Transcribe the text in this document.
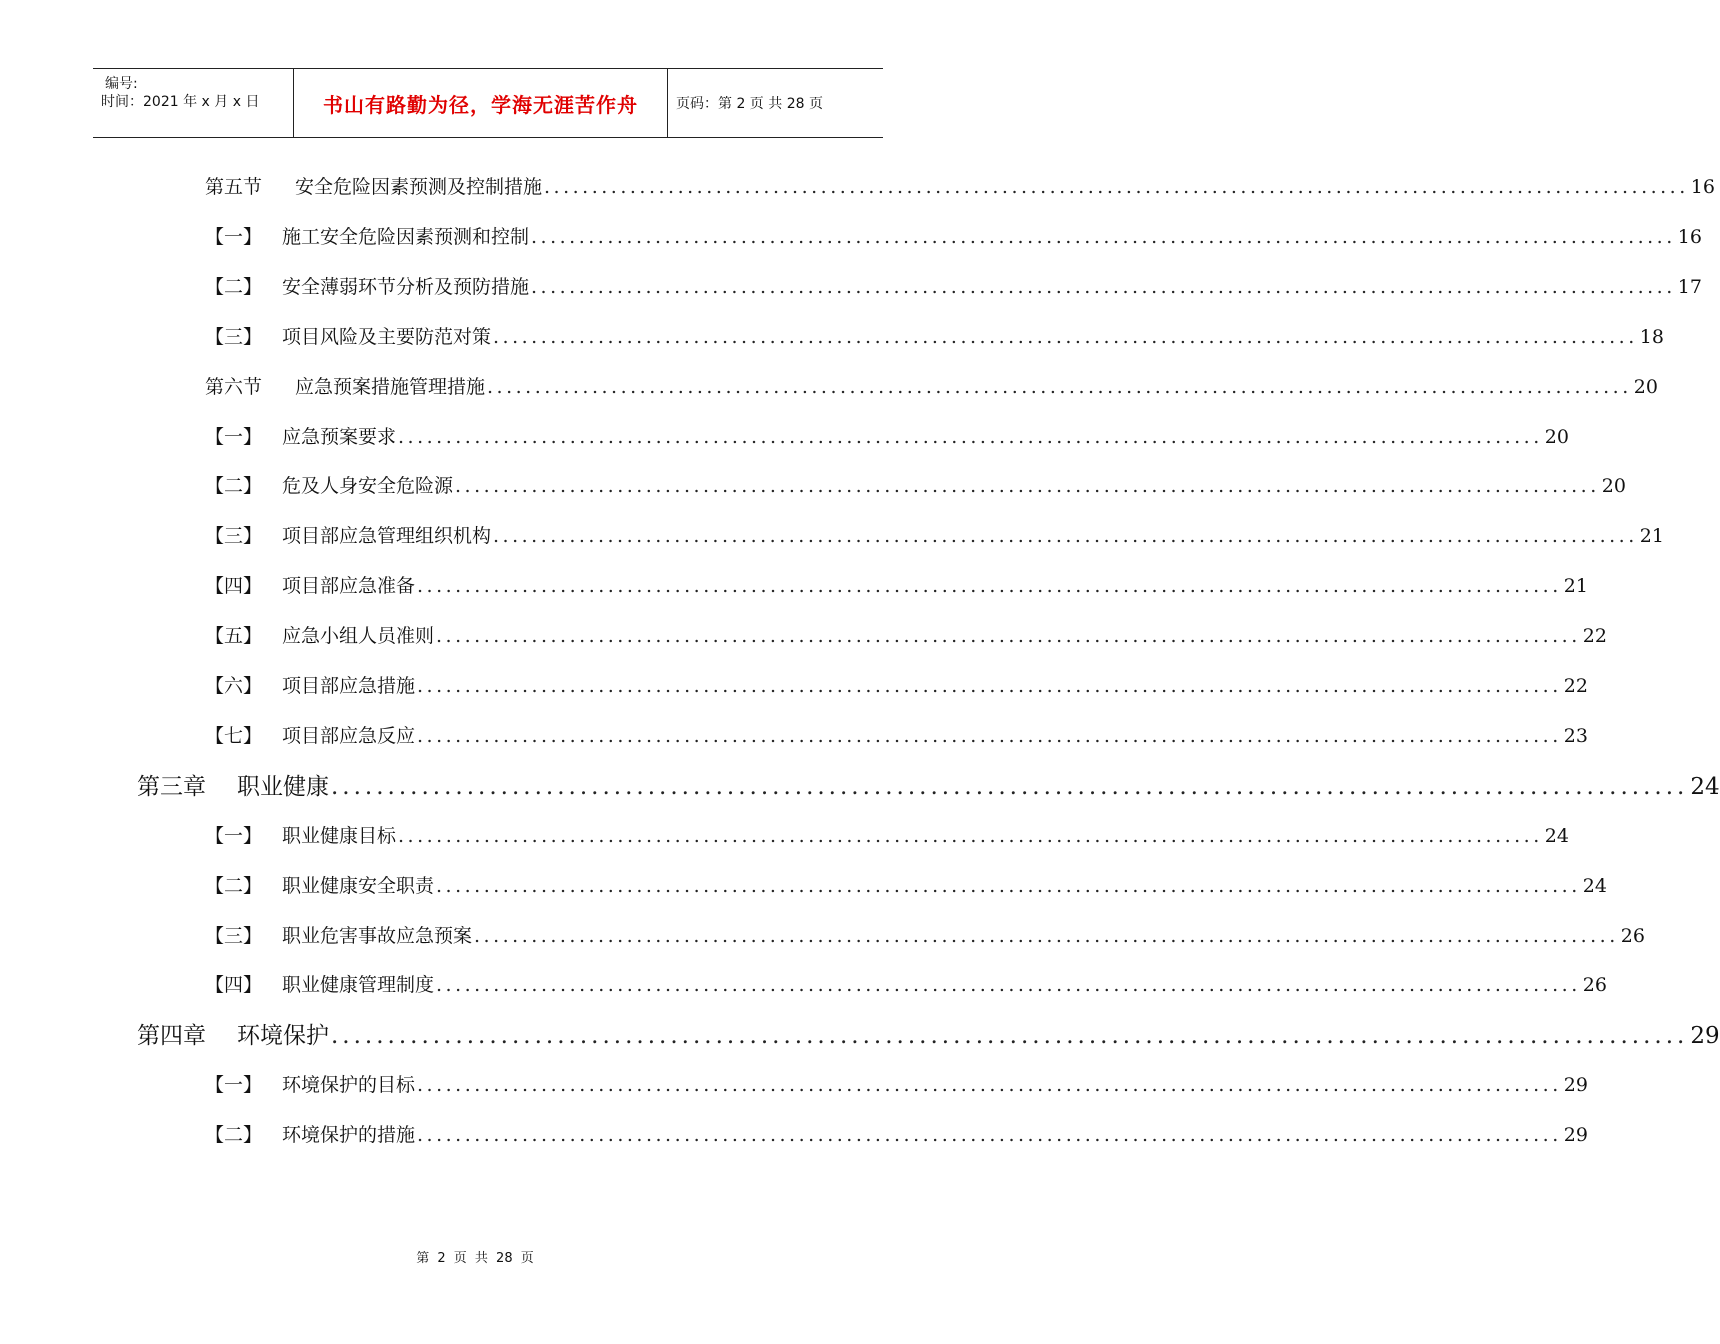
编号:
时间：2021 年 x 月 x 日	书山有路勤为径，学海无涯苦作舟	页码：第 2 页 共 28 页
第五节	安全危险因素预测及控制措施 ........................................................................................................................ 16
【一】	施工安全危险因素预测和控制 ........................................................................................................................ 16
【二】	安全薄弱环节分析及预防措施 ........................................................................................................................ 17
【三】	项目风险及主要防范对策 ........................................................................................................................ 18
第六节	应急预案措施管理措施 ........................................................................................................................ 20
【一】	应急预案要求 ........................................................................................................................ 20
【二】	危及人身安全危险源 ........................................................................................................................ 20
【三】	项目部应急管理组织机构 ........................................................................................................................ 21
【四】	项目部应急准备 ........................................................................................................................ 21
【五】	应急小组人员准则 ........................................................................................................................ 22
【六】	项目部应急措施 ........................................................................................................................ 22
【七】	项目部应急反应 ........................................................................................................................ 23
第三章	职业健康 ........................................................................................................................ 24
【一】	职业健康目标 ........................................................................................................................ 24
【二】	职业健康安全职责 ........................................................................................................................ 24
【三】	职业危害事故应急预案 ........................................................................................................................ 26
【四】	职业健康管理制度 ........................................................................................................................ 26
第四章	环境保护 ........................................................................................................................ 29
【一】	环境保护的目标 ........................................................................................................................ 29
【二】	环境保护的措施 ........................................................................................................................ 29
第 2 页 共 28 页
